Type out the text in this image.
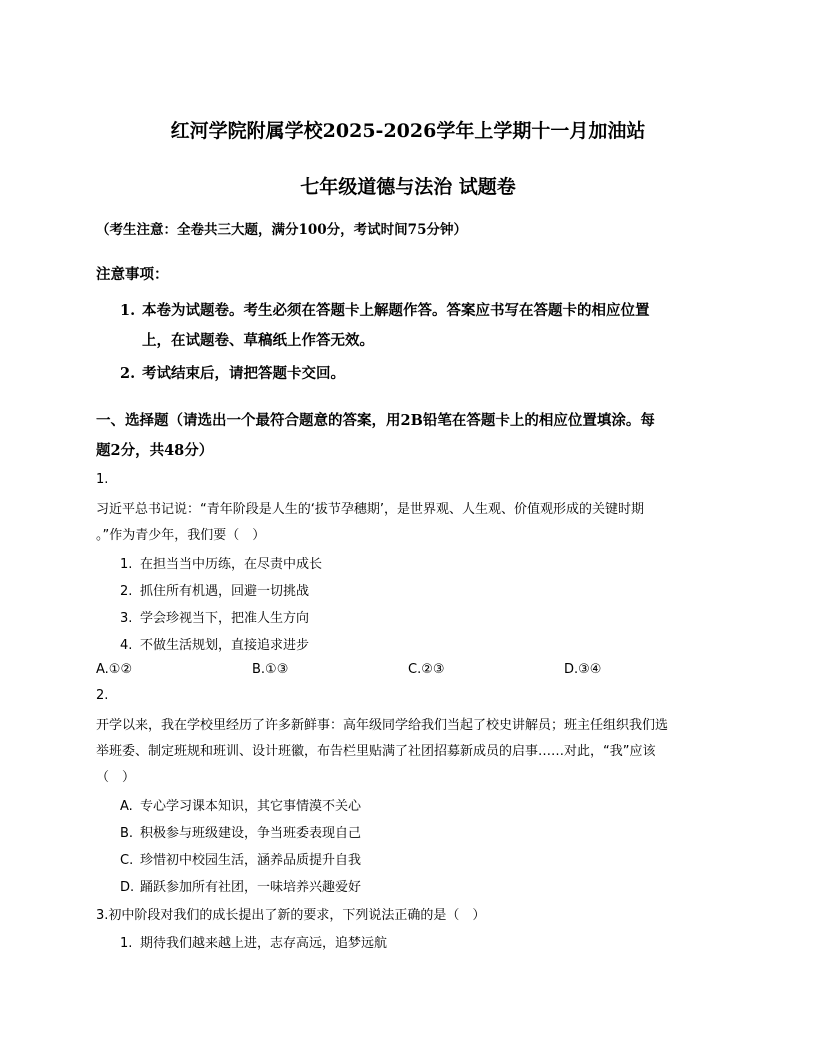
红河学院附属学校2025-2026学年上学期十一月加油站
七年级道德与法治 试题卷
（考生注意：全卷共三大题，满分100分，考试时间75分钟）
注意事项：
1. 本卷为试题卷。考生必须在答题卡上解题作答。答案应书写在答题卡的相应位置
上，在试题卷、草稿纸上作答无效。
2. 考试结束后，请把答题卡交回。
一、选择题（请选出一个最符合题意的答案，用2B铅笔在答题卡上的相应位置填涂。每
题2分，共48分）
1.
习近平总书记说：“青年阶段是人生的‘拔节孕穗期’，是世界观、人生观、价值观形成的关键时期
。”作为青少年，我们要（　）
1. 在担当当中历练，在尽责中成长
2. 抓住所有机遇，回避一切挑战
3. 学会珍视当下，把准人生方向
4. 不做生活规划，直接追求进步
A.①②	B.①③	C.②③	D.③④
2.
开学以来，我在学校里经历了许多新鲜事：高年级同学给我们当起了校史讲解员；班主任组织我们选
举班委、制定班规和班训、设计班徽，布告栏里贴满了社团招募新成员的启事……对此，“我”应该
（　）
A. 专心学习课本知识，其它事情漠不关心
B. 积极参与班级建设，争当班委表现自己
C. 珍惜初中校园生活，涵养品质提升自我
D. 踊跃参加所有社团，一味培养兴趣爱好
3.初中阶段对我们的成长提出了新的要求，下列说法正确的是（　）
1. 期待我们越来越上进，志存高远，追梦远航
